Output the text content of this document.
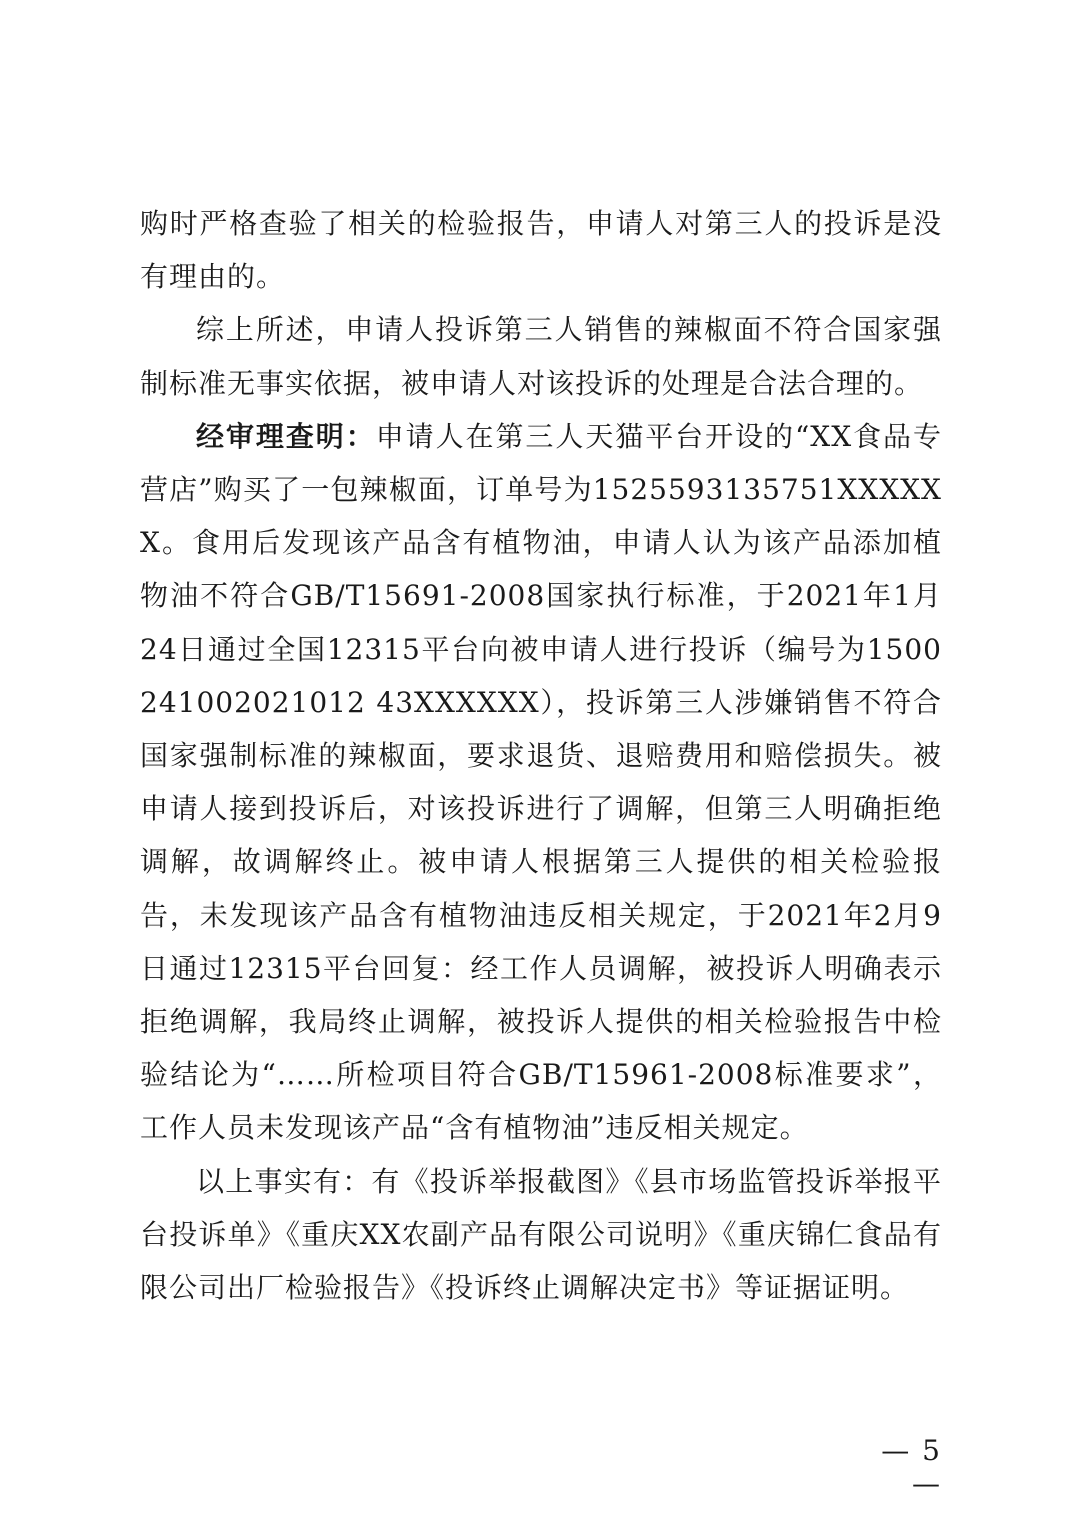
购时严格查验了相关的检验报告，申请人对第三人的投诉是没有理由的。

综上所述，申请人投诉第三人销售的辣椒面不符合国家强制标准无事实依据，被申请人对该投诉的处理是合法合理的。

经审理查明：申请人在第三人天猫平台开设的“XX食品专营店”购买了一包辣椒面，订单号为1525593135751XXXXXX。食用后发现该产品含有植物油，申请人认为该产品添加植物油不符合GB/T15691-2008国家执行标准，于2021年1月24日通过全国12315平台向被申请人进行投诉（编号为1500241002021012 43XXXXXX），投诉第三人涉嫌销售不符合国家强制标准的辣椒面，要求退货、退赔费用和赔偿损失。被申请人接到投诉后，对该投诉进行了调解，但第三人明确拒绝调解，故调解终止。被申请人根据第三人提供的相关检验报告，未发现该产品含有植物油违反相关规定，于2021年2月9日通过12315平台回复：经工作人员调解，被投诉人明确表示拒绝调解，我局终止调解，被投诉人提供的相关检验报告中检验结论为“……所检项目符合GB/T15961-2008标准要求”，工作人员未发现该产品“含有植物油”违反相关规定。

以上事实有：有《投诉举报截图》《县市场监管投诉举报平台投诉单》《重庆XX农副产品有限公司说明》《重庆锦仁食品有限公司出厂检验报告》《投诉终止调解决定书》等证据证明。

— 5 —
